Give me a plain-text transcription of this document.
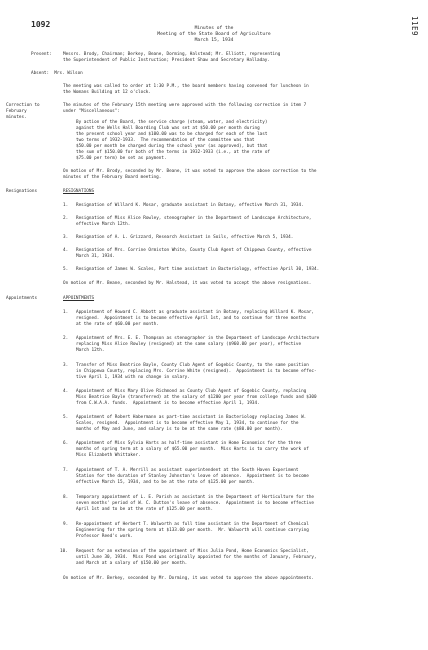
1092	11E9
Minutes of the
Meeting of the State Board of Agriculture
March 15, 1934
Present:	Messrs. Brody, Chairman; Berkey, Beane, Dorming, Halstead; Mr. Elliott, representing
the Superintendent of Public Instruction; President Shaw and Secretary Halladay.
Absent:  Mrs. Wilson
The meeting was called to order at 1:30 P.M., the board members having convened for luncheon in
the Womans Building at 12 o'clock.
Correction to
February
minutes.
The minutes of the February 15th meeting were approved with the following correction in item 7
under "Miscellaneous":
By action of the Board, the service charge (steam, water, and electricity)
against the Wells Hall Boarding Club was set at $50.00 per month during
the present school year and $100.00 was to be charged for each of the last
two terms of 1932-1933.  The recommendation of the committee was that
$50.00 per month be charged during the school year (as approved), but that
the sum of $150.00 for both of the terms in 1932-1933 (i.e., at the rate of
$75.00 per term) be set as payment.
On motion of Mr. Brody, seconded by Mr. Beane, it was voted to approve the above correction to the
minutes of the February Board meeting.
Resignations	RESIGNATIONS
1. Resignation of Willard K. Mosar, graduate assistant in Botany, effective March 31, 1934.
2. Resignation of Miss Alice Rowley, stenographer in the Department of Landscape Architecture,
effective March 12th.
3. Resignation of A. L. Grizzard, Research Assistant in Soils, effective March 5, 1934.
4. Resignation of Mrs. Corrine Ormiston White, County Club Agent of Chippewa County, effective
March 31, 1934.
5. Resignation of James W. Scales, Part time assistant in Bacteriology, effective April 30, 1934.
On motion of Mr. Beane, seconded by Mr. Halstead, it was voted to accept the above resignations.
Appointments	APPOINTMENTS
1. Appointment of Howard C. Abbott as graduate assistant in Botany, replacing Willard K. Mosar,
resigned.  Appointment is to become effective April 1st, and to continue for three months
at the rate of $60.00 per month.
2. Appointment of Mrs. E. E. Thompson as stenographer in the Department of Landscape Architecture
replacing Miss Alice Rowley (resigned) at the same salary ($960.00 per year), effective
March 12th.
3. Transfer of Miss Beatrice Bayle, County Club Agent of Gogebic County, to the same position
in Chippewa County, replacing Mrs. Corrine White (resigned).  Appointment is to become effec-
tive April 1, 1934 with no change in salary.
4. Appointment of Miss Mary Olive Richmond as County Club Agent of Gogebic County, replacing
Miss Beatrice Bayle (transferred) at the salary of $1200 per year from college funds and $300
from C.W.A.A. funds.  Appointment is to become effective April 1, 1934.
5. Appointment of Robert Habermann as part-time assistant in Bacteriology replacing James W.
Scales, resigned.  Appointment is to become effective May 1, 1934, to continue for the
months of May and June, and salary is to be at the same rate ($80.00 per month).
6. Appointment of Miss Sylvia Harts as half-time assistant in Home Economics for the three
months of spring term at a salary of $65.00 per month.  Miss Harts is to carry the work of
Miss Elizabeth Whittaker.
7. Appointment of T. A. Merrill as assistant superintendent at the South Haven Experiment
Station for the duration of Stanley Johnston's leave of absence.  Appointment is to become
effective March 15, 1934, and to be at the rate of $125.00 per month.
8. Temporary appointment of L. E. Parish as assistant in the Department of Horticulture for the
seven months' period of W. C. Dutton's leave of absence.  Appointment is to become effective
April 1st and to be at the rate of $125.00 per month.
9. Re-appointment of Herbert T. Walworth as full time assistant in the Department of Chemical
Engineering for the spring term at $133.00 per month.  Mr. Walworth will continue carrying
Professor Reed's work.
10. Request for an extension of the appointment of Miss Julia Pond, Home Economics Specialist,
until June 30, 1934.  Miss Pond was originally appointed for the months of January, February,
and March at a salary of $150.00 per month.
On motion of Mr. Berkey, seconded by Mr. Dorming, it was voted to approve the above appointments.
